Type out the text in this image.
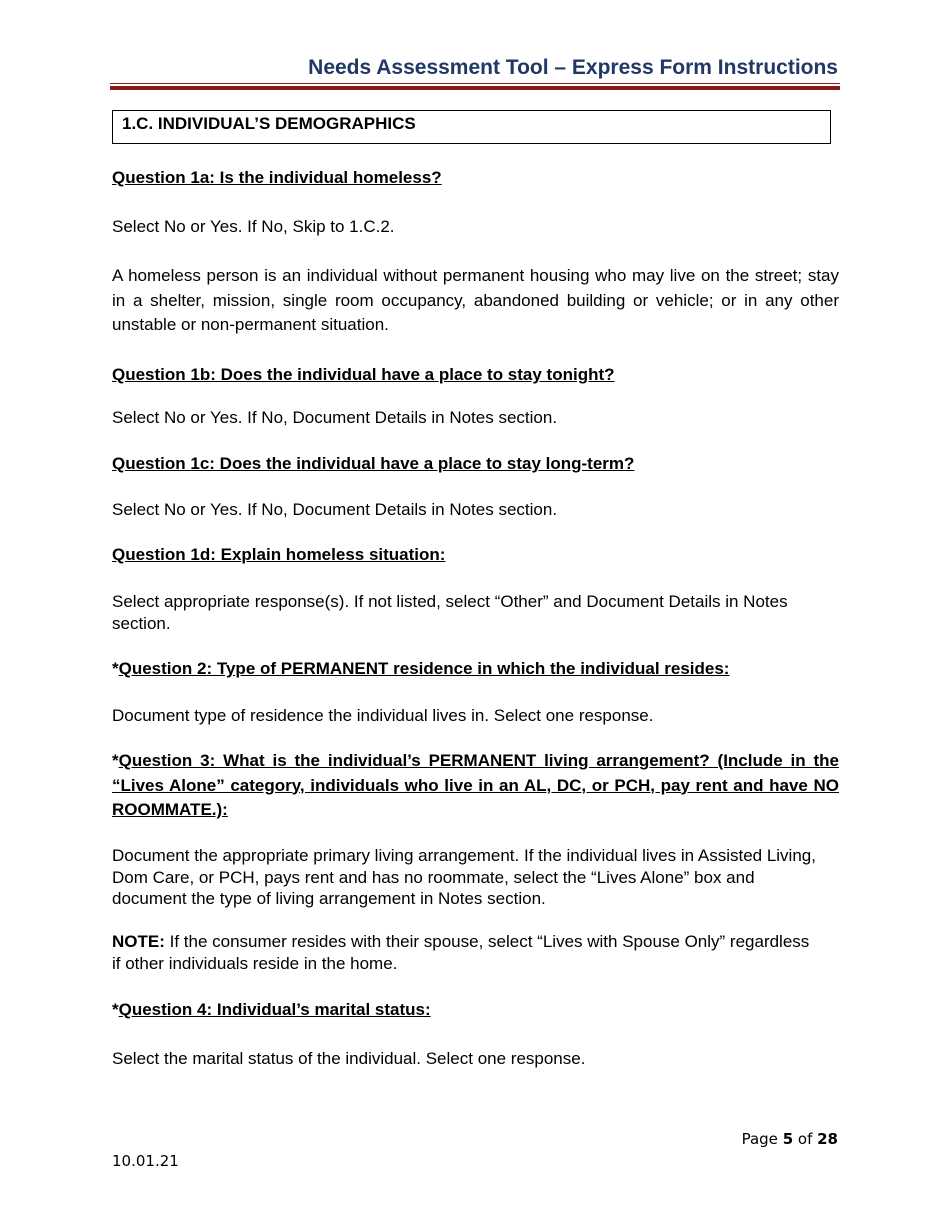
Needs Assessment Tool – Express Form Instructions
1.C. INDIVIDUAL’S DEMOGRAPHICS
Question 1a: Is the individual homeless?
Select No or Yes. If No, Skip to 1.C.2.
A homeless person is an individual without permanent housing who may live on the street; stay in a shelter, mission, single room occupancy, abandoned building or vehicle; or in any other unstable or non-permanent situation.
Question 1b: Does the individual have a place to stay tonight?
Select No or Yes. If No, Document Details in Notes section.
Question 1c: Does the individual have a place to stay long-term?
Select No or Yes. If No, Document Details in Notes section.
Question 1d: Explain homeless situation:
Select appropriate response(s). If not listed, select “Other” and Document Details in Notes section.
*Question 2: Type of PERMANENT residence in which the individual resides:
Document type of residence the individual lives in. Select one response.
*Question 3: What is the individual’s PERMANENT living arrangement? (Include in the “Lives Alone” category, individuals who live in an AL, DC, or PCH, pay rent and have NO ROOMMATE.):
Document the appropriate primary living arrangement. If the individual lives in Assisted Living, Dom Care, or PCH, pays rent and has no roommate, select the “Lives Alone” box and document the type of living arrangement in Notes section.
NOTE: If the consumer resides with their spouse, select “Lives with Spouse Only” regardless if other individuals reside in the home.
*Question 4: Individual’s marital status:
Select the marital status of the individual. Select one response.
Page 5 of 28
10.01.21
